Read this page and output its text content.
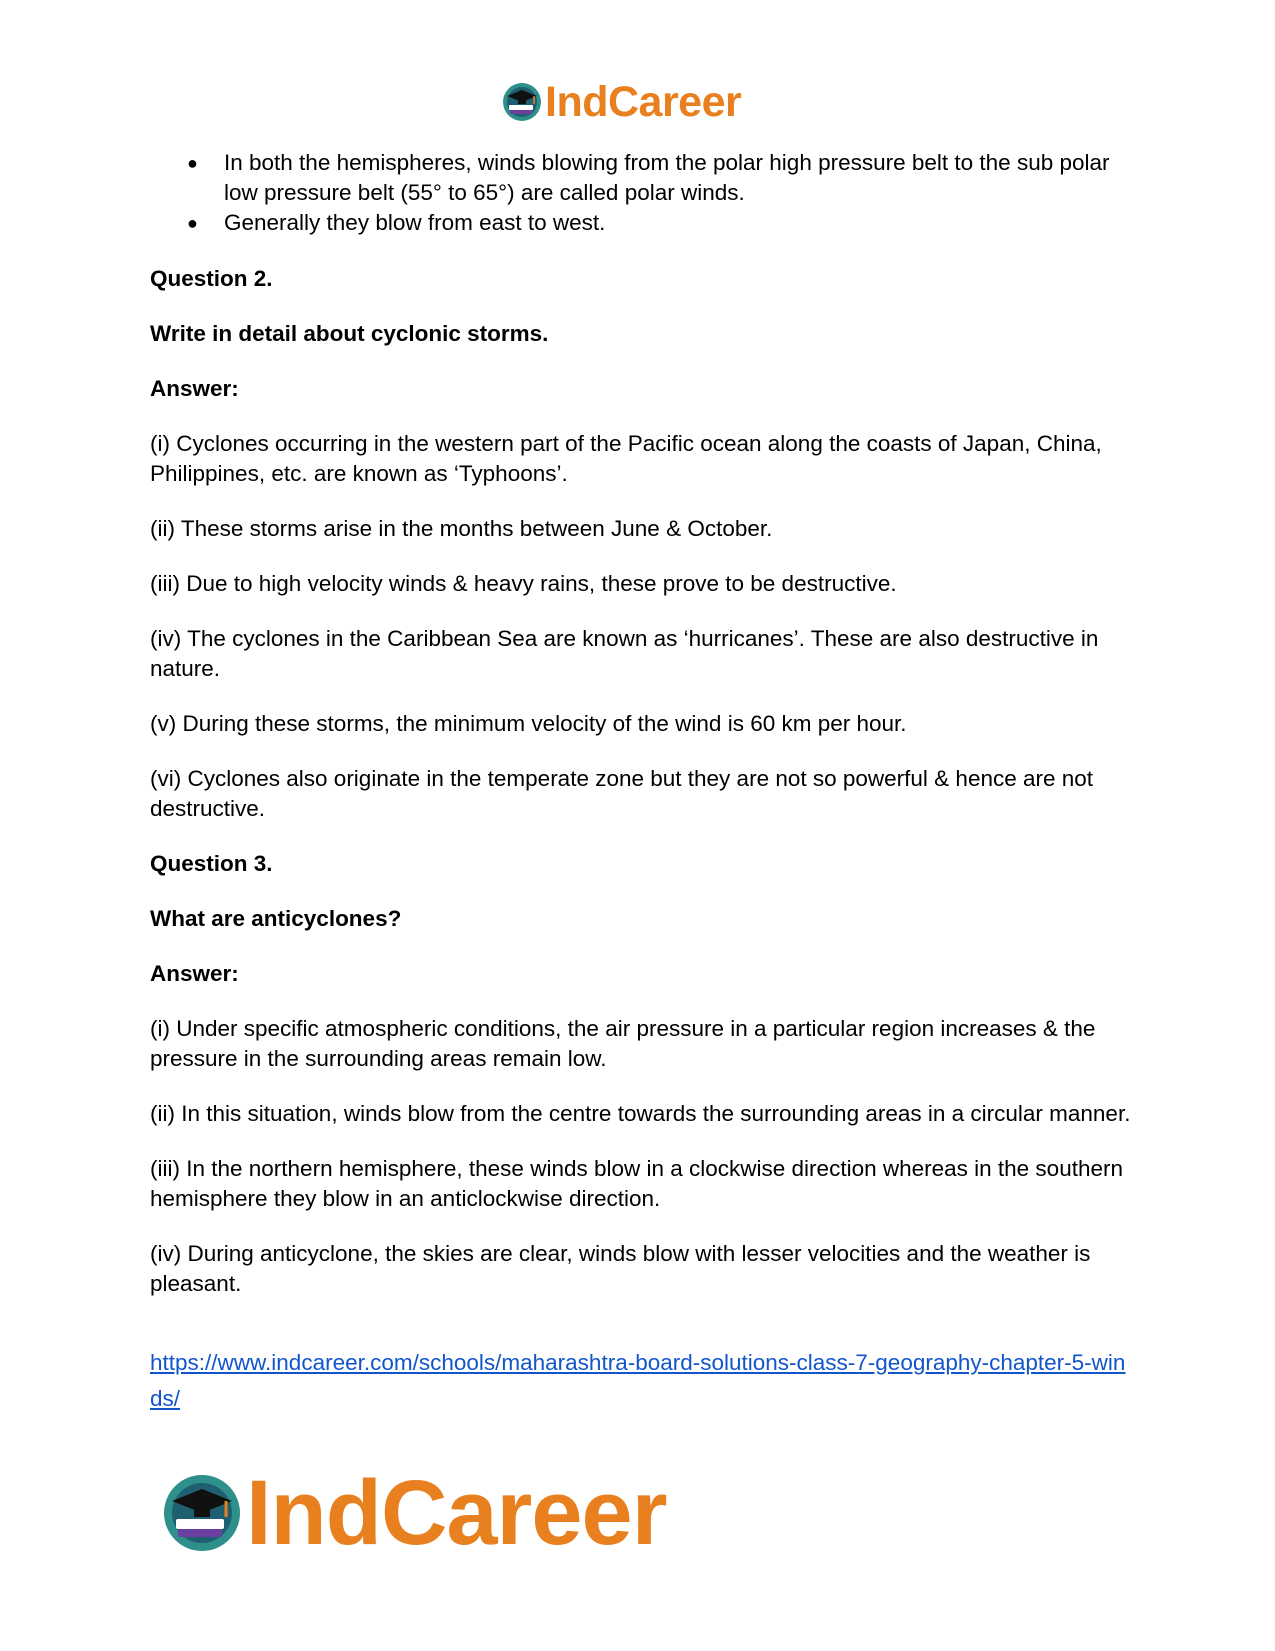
IndCareer
● In both the hemispheres, winds blowing from the polar high pressure belt to the sub polar low pressure belt (55° to 65°) are called polar winds.
● Generally they blow from east to west.

Question 2.

Write in detail about cyclonic storms.

Answer:

(i) Cyclones occurring in the western part of the Pacific ocean along the coasts of Japan, China, Philippines, etc. are known as ‘Typhoons’.

(ii) These storms arise in the months between June & October.

(iii) Due to high velocity winds & heavy rains, these prove to be destructive.

(iv) The cyclones in the Caribbean Sea are known as ‘hurricanes’. These are also destructive in nature.

(v) During these storms, the minimum velocity of the wind is 60 km per hour.

(vi) Cyclones also originate in the temperate zone but they are not so powerful & hence are not destructive.

Question 3.

What are anticyclones?

Answer:

(i) Under specific atmospheric conditions, the air pressure in a particular region increases & the pressure in the surrounding areas remain low.

(ii) In this situation, winds blow from the centre towards the surrounding areas in a circular manner.

(iii) In the northern hemisphere, these winds blow in a clockwise direction whereas in the southern hemisphere they blow in an anticlockwise direction.

(iv) During anticyclone, the skies are clear, winds blow with lesser velocities and the weather is pleasant.

https://www.indcareer.com/schools/maharashtra-board-solutions-class-7-geography-chapter-5-winds/
IndCareer
